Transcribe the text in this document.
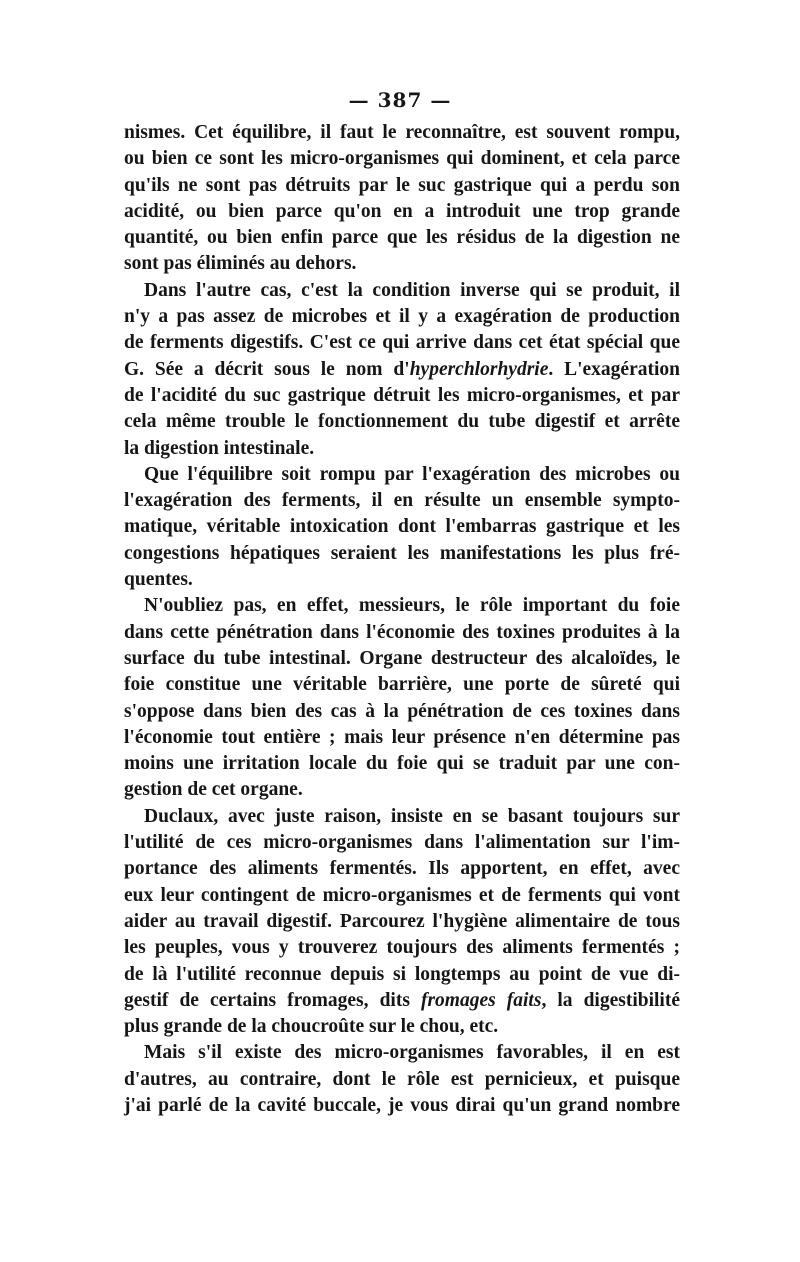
— 387 —

nismes. Cet équilibre, il faut le reconnaître, est souvent rompu,
ou bien ce sont les micro-organismes qui dominent, et cela parce
qu'ils ne sont pas détruits par le suc gastrique qui a perdu son
acidité, ou bien parce qu'on en a introduit une trop grande
quantité, ou bien enfin parce que les résidus de la digestion ne
sont pas éliminés au dehors.

Dans l'autre cas, c'est la condition inverse qui se produit, il
n'y a pas assez de microbes et il y a exagération de production
de ferments digestifs. C'est ce qui arrive dans cet état spécial que
G. Sée a décrit sous le nom d'hyperchlorhydrie. L'exagération
de l'acidité du suc gastrique détruit les micro-organismes, et par
cela même trouble le fonctionnement du tube digestif et arrête
la digestion intestinale.

Que l'équilibre soit rompu par l'exagération des microbes ou
l'exagération des ferments, il en résulte un ensemble sympto-
matique, véritable intoxication dont l'embarras gastrique et les
congestions hépatiques seraient les manifestations les plus fré-
quentes.

N'oubliez pas, en effet, messieurs, le rôle important du foie
dans cette pénétration dans l'économie des toxines produites à la
surface du tube intestinal. Organe destructeur des alcaloïdes, le
foie constitue une véritable barrière, une porte de sûreté qui
s'oppose dans bien des cas à la pénétration de ces toxines dans
l'économie tout entière ; mais leur présence n'en détermine pas
moins une irritation locale du foie qui se traduit par une con-
gestion de cet organe.

Duclaux, avec juste raison, insiste en se basant toujours sur
l'utilité de ces micro-organismes dans l'alimentation sur l'im-
portance des aliments fermentés. Ils apportent, en effet, avec
eux leur contingent de micro-organismes et de ferments qui vont
aider au travail digestif. Parcourez l'hygiène alimentaire de tous
les peuples, vous y trouverez toujours des aliments fermentés ;
de là l'utilité reconnue depuis si longtemps au point de vue di-
gestif de certains fromages, dits fromages faits, la digestibilité
plus grande de la choucroûte sur le chou, etc.

Mais s'il existe des micro-organismes favorables, il en est
d'autres, au contraire, dont le rôle est pernicieux, et puisque
j'ai parlé de la cavité buccale, je vous dirai qu'un grand nombre
